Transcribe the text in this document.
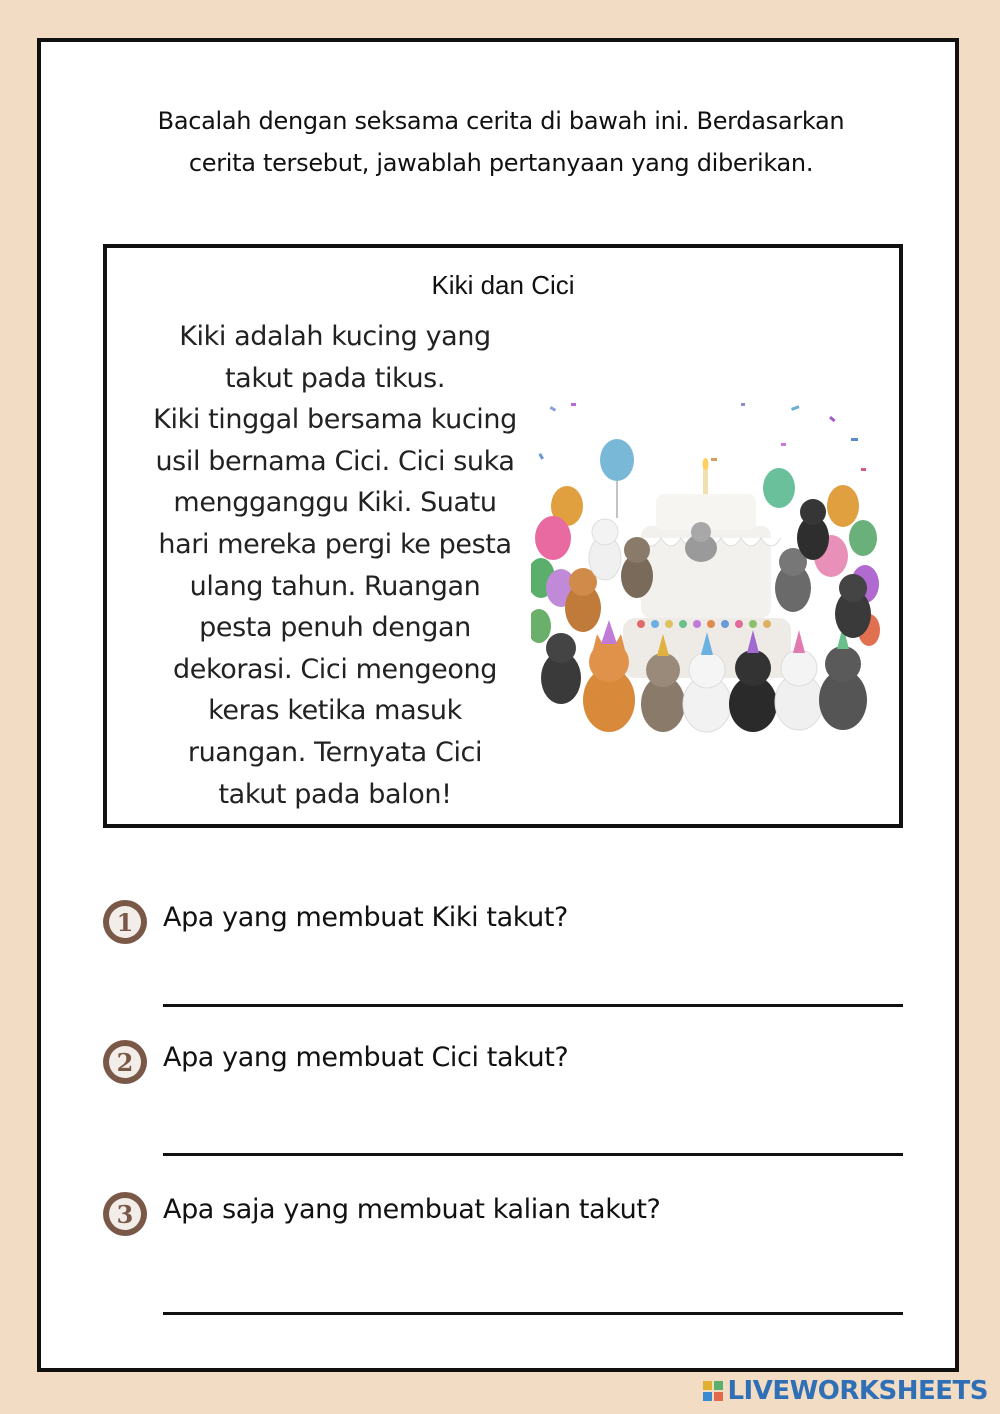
Bacalah dengan seksama cerita di bawah ini. Berdasarkan
cerita tersebut, jawablah pertanyaan yang diberikan.
Kiki dan Cici
Kiki adalah kucing yang
takut pada tikus.
Kiki tinggal bersama kucing
usil bernama Cici. Cici suka
mengganggu Kiki. Suatu
hari mereka pergi ke pesta
ulang tahun. Ruangan
pesta penuh dengan
dekorasi. Cici mengeong
keras ketika masuk
ruangan. Ternyata Cici
takut pada balon!
1 Apa yang membuat Kiki takut?
2 Apa yang membuat Cici takut?
3 Apa saja yang membuat kalian takut?
LIVEWORKSHEETS
